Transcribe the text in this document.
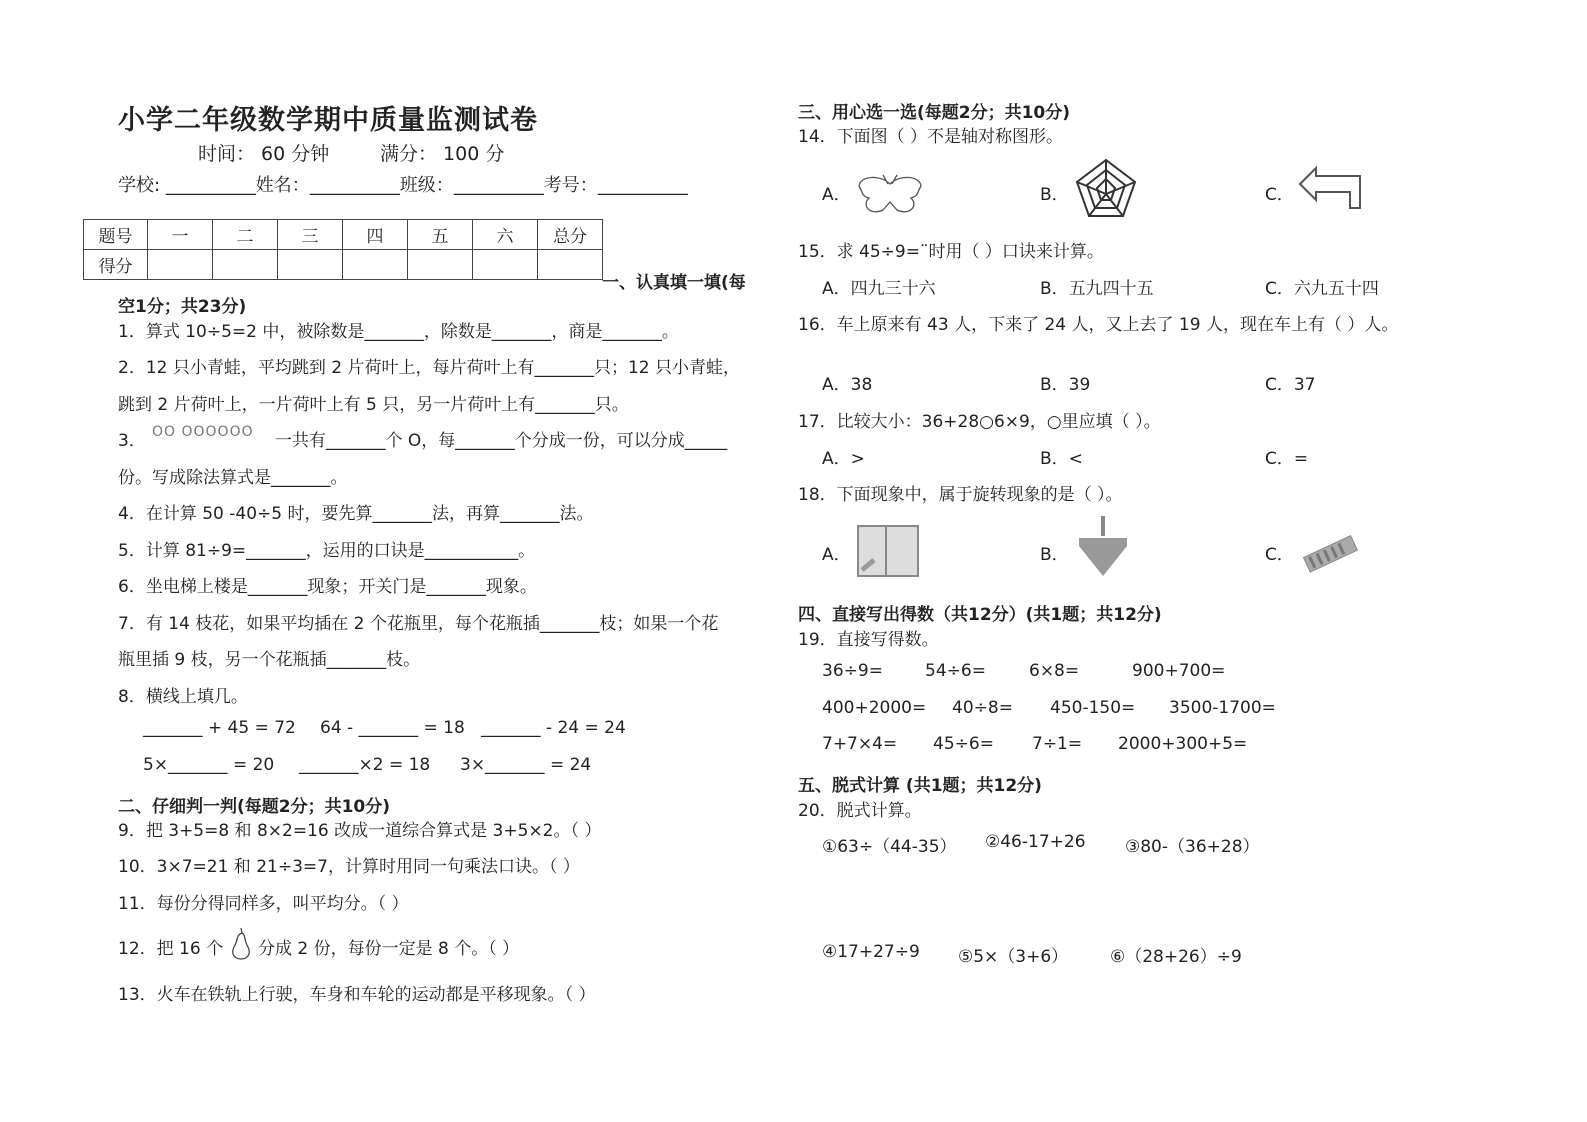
小学二年级数学期中质量监测试卷
时间： 60 分钟	满分： 100 分
学校: __________姓名：__________班级：__________考号：__________
题号	一	二	三	四	五	六	总分
得分							
一、认真填一填(每
空1分；共23分)
1．算式 10÷5=2 中，被除数是_______，除数是_______，商是_______。
2．12 只小青蛙，平均跳到 2 片荷叶上，每片荷叶上有_______只；12 只小青蛙，
跳到 2 片荷叶上，一片荷叶上有 5 只，另一片荷叶上有_______只。
3． OO OOOOOO 一共有_______个 O，每_______个分成一份，可以分成_____
份。写成除法算式是_______。
4．在计算 50 -40÷5 时，要先算_______法，再算_______法。
5．计算 81÷9=_______，运用的口诀是___________。
6．坐电梯上楼是_______现象；开关门是_______现象。
7．有 14 枝花，如果平均插在 2 个花瓶里，每个花瓶插_______枝；如果一个花
瓶里插 9 枝，另一个花瓶插_______枝。
8．横线上填几。
_______ + 45 = 72 64 - _______ = 18 _______ - 24 = 24
5×_______ = 20 _______×2 = 18 3×_______ = 24
二、仔细判一判(每题2分；共10分)
9．把 3+5=8 和 8×2=16 改成一道综合算式是 3+5×2。（ ）
10．3×7=21 和 21÷3=7，计算时用同一句乘法口诀。（ ）
11．每份分得同样多，叫平均分。（ ）
12．把 16 个 分成 2 份，每份一定是 8 个。（ ）
13．火车在铁轨上行驶，车身和车轮的运动都是平移现象。（ ）
三、用心选一选(每题2分；共10分)
14．下面图（ ）不是轴对称图形。
A．	B．	C．
15．求 45÷9=¨时用（ ）口诀来计算。
A．四九三十六	B．五九四十五	C．六九五十四
16．车上原来有 43 人，下来了 24 人，又上去了 19 人，现在车上有（ ）人。
A．38	B．39	C．37
17．比较大小：36+28○6×9，○里应填（ ）。
A．>	B．<	C．=
18．下面现象中，属于旋转现象的是（ ）。
A．	B．	C．
四、直接写出得数（共12分）(共1题；共12分)
19．直接写得数。
36÷9= 54÷6=	6×8=	900+700=
400+2000= 40÷8= 450-150= 3500-1700=
7+7×4= 45÷6= 7÷1= 2000+300+5=
五、脱式计算 (共1题；共12分)
20．脱式计算。
①63÷（44-35） ②46-17+26 ③80-（36+28）
④17+27÷9 ⑤5×（3+6） ⑥（28+26）÷9
